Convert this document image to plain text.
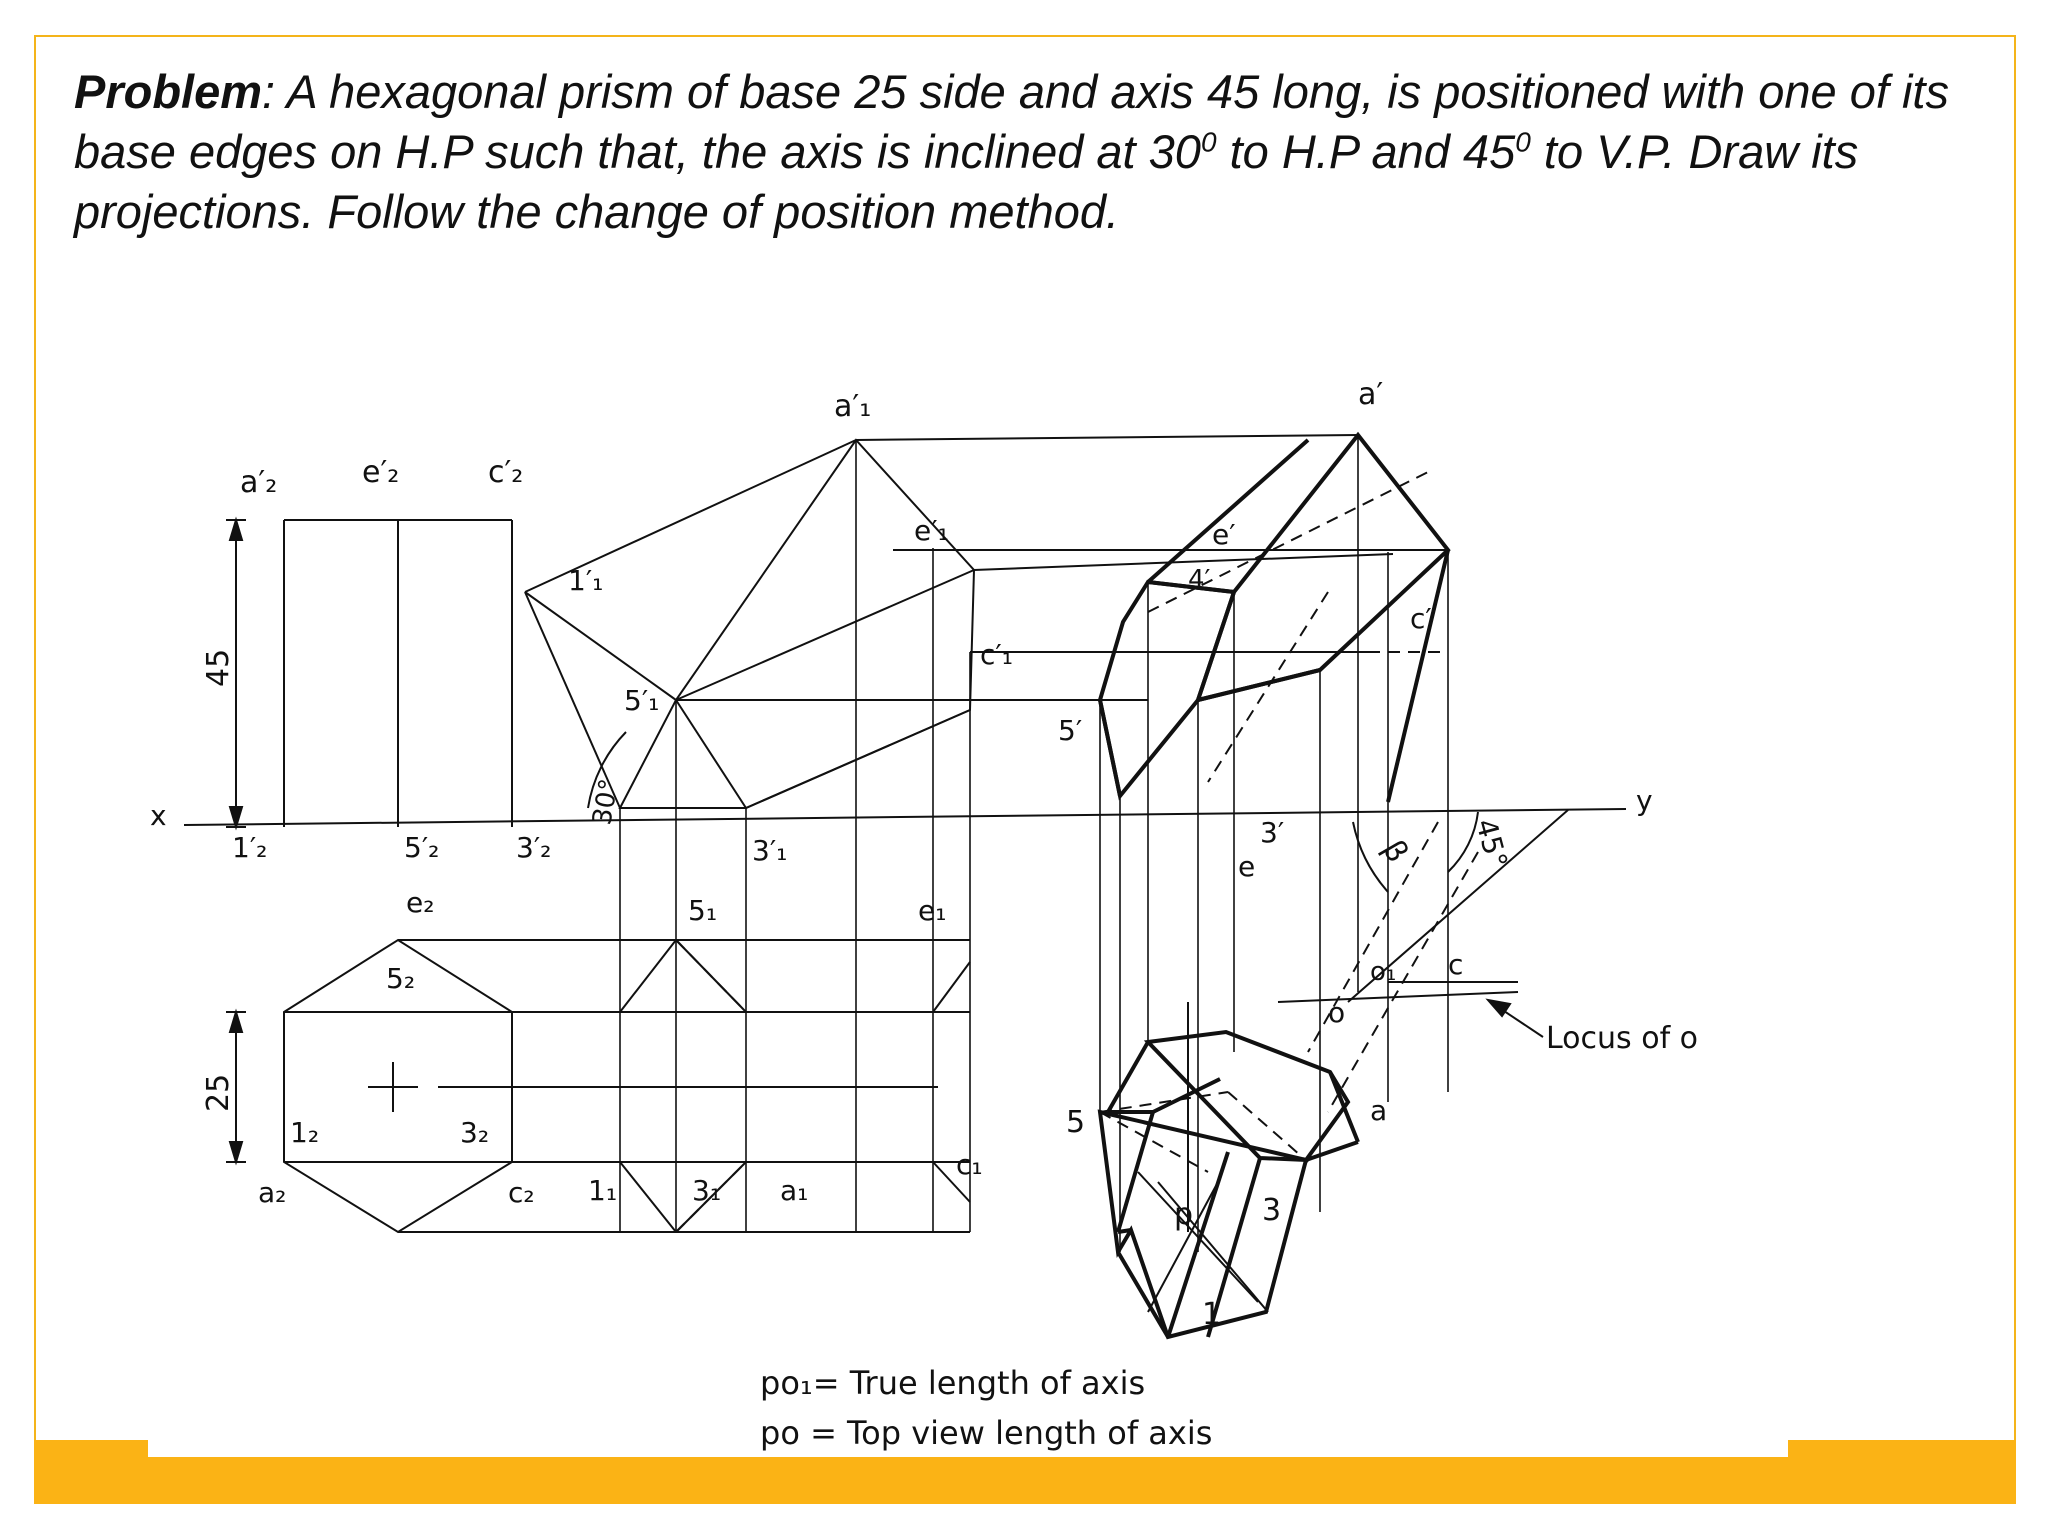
Problem: A hexagonal prism of base 25 side and axis 45 long, is positioned with one of its base edges on H.P such that, the axis is inclined at $30^0$ to H.P and $45^0$ to V.P. Draw its projections. Follow the change of position method.

x	y
a′₂	e′₂	c′₂
1′₂	5′₂	3′₂
e₂
5₂
1₂	3₂
a₂	c₂
45
25
a′₁
e′₁
1′₁
c′₁
5′₁
3′₁
30°
5₁	e₁
1₁	3₁ a₁
c₁
a′
e′
4′
c′
5′
3′
β 45°
e
o₁ c
o
a
5
p 3
1
Locus of o
po₁= True length of axis
po = Top view length of axis
